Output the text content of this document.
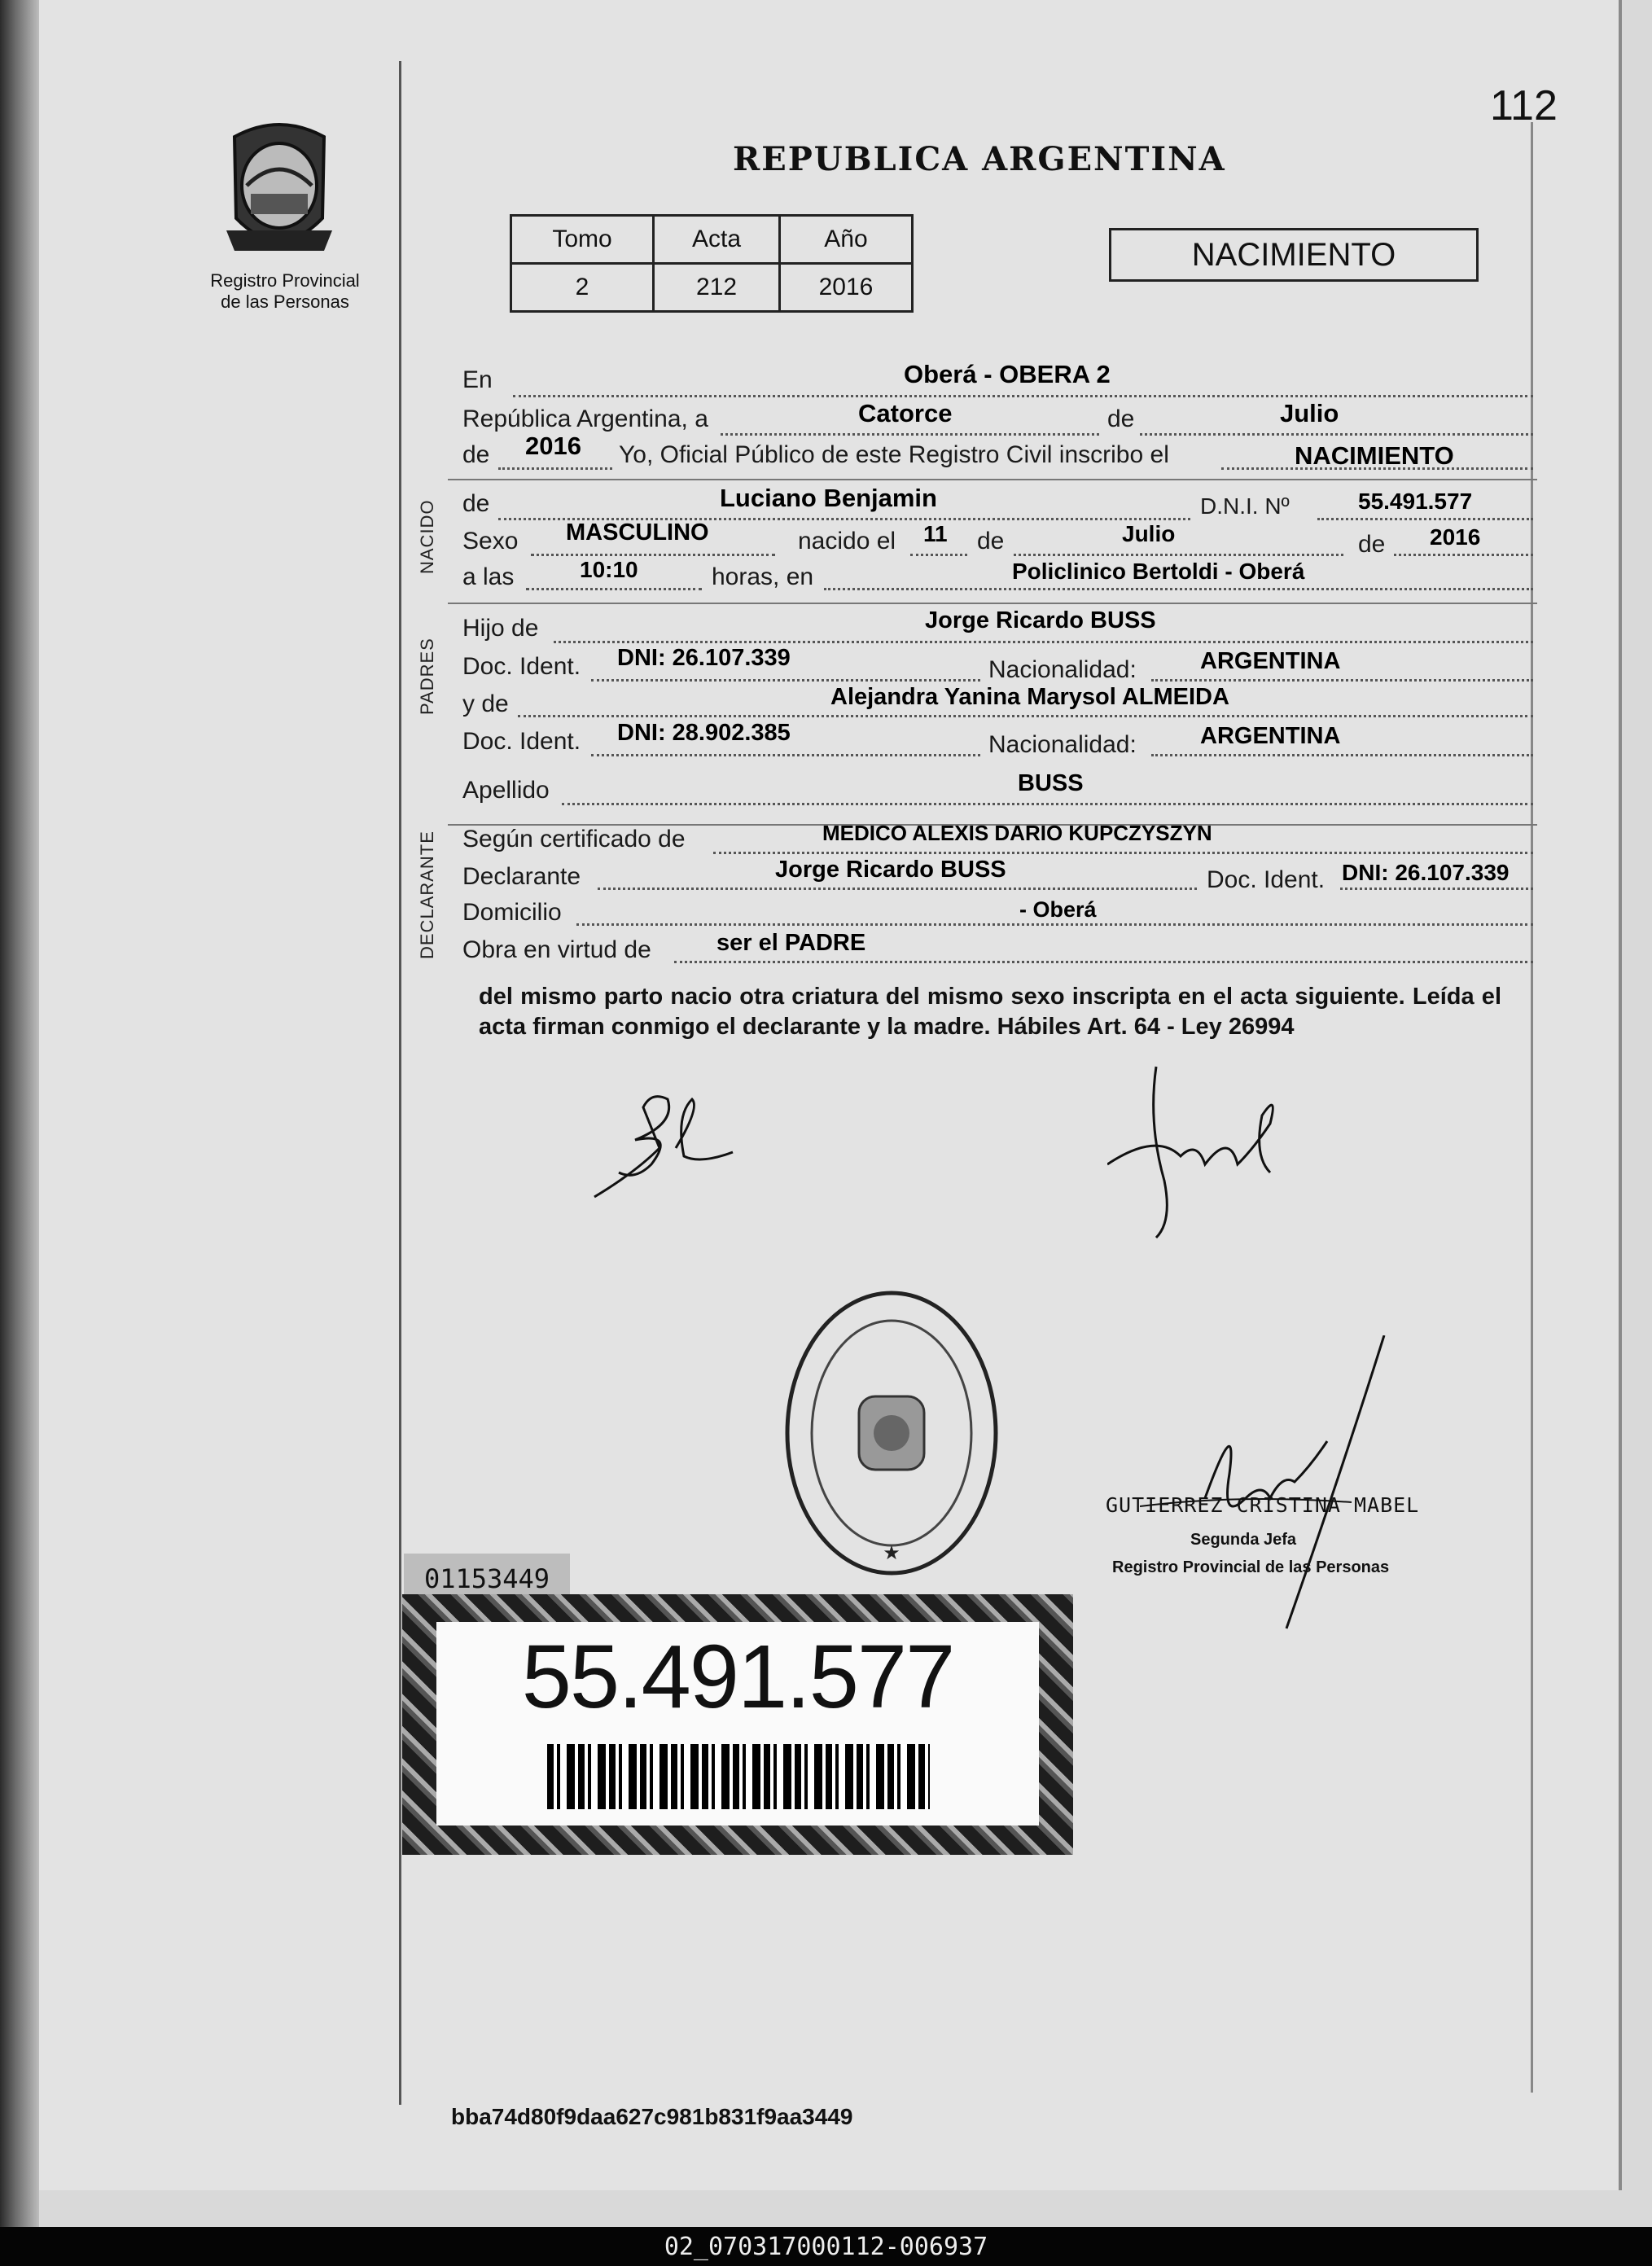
112
Registro Provincial
de las Personas
REPUBLICA ARGENTINA
Tomo	Acta	Año
2	212	2016
NACIMIENTO
NACIDO
PADRES
DECLARANTE
En	Oberá - OBERA 2
República Argentina, a	Catorce	de	Julio
de 2016 Yo, Oficial Público de este Registro Civil inscribo el	NACIMIENTO
de	Luciano Benjamin	D.N.I. Nº	55.491.577
Sexo MASCULINO	nacido el 11 de	Julio	de 2016
a las	10:10	horas, en	Policlinico Bertoldi - Oberá
Hijo de	Jorge Ricardo BUSS
Doc. Ident. DNI: 26.107.339	Nacionalidad:	ARGENTINA
y de	Alejandra Yanina Marysol ALMEIDA
Doc. Ident. DNI: 28.902.385	Nacionalidad:	ARGENTINA
Apellido	BUSS
Según certificado de	MEDICO ALEXIS DARIO KUPCZYSZYN
Declarante	Jorge Ricardo BUSS	Doc. Ident. DNI: 26.107.339
Domicilio	- Oberá
Obra en virtud de	ser el PADRE
del mismo parto nacio otra criatura del mismo sexo inscripta en el acta siguiente. Leída el acta firman conmigo el declarante y la madre. Hábiles Art. 64 - Ley 26994
★
GUTIERREZ CRISTINA MABEL
Segunda Jefa
Registro Provincial de las Personas
01153449
55.491.577
bba74d80f9daa627c981b831f9aa3449
02_070317000112-006937
